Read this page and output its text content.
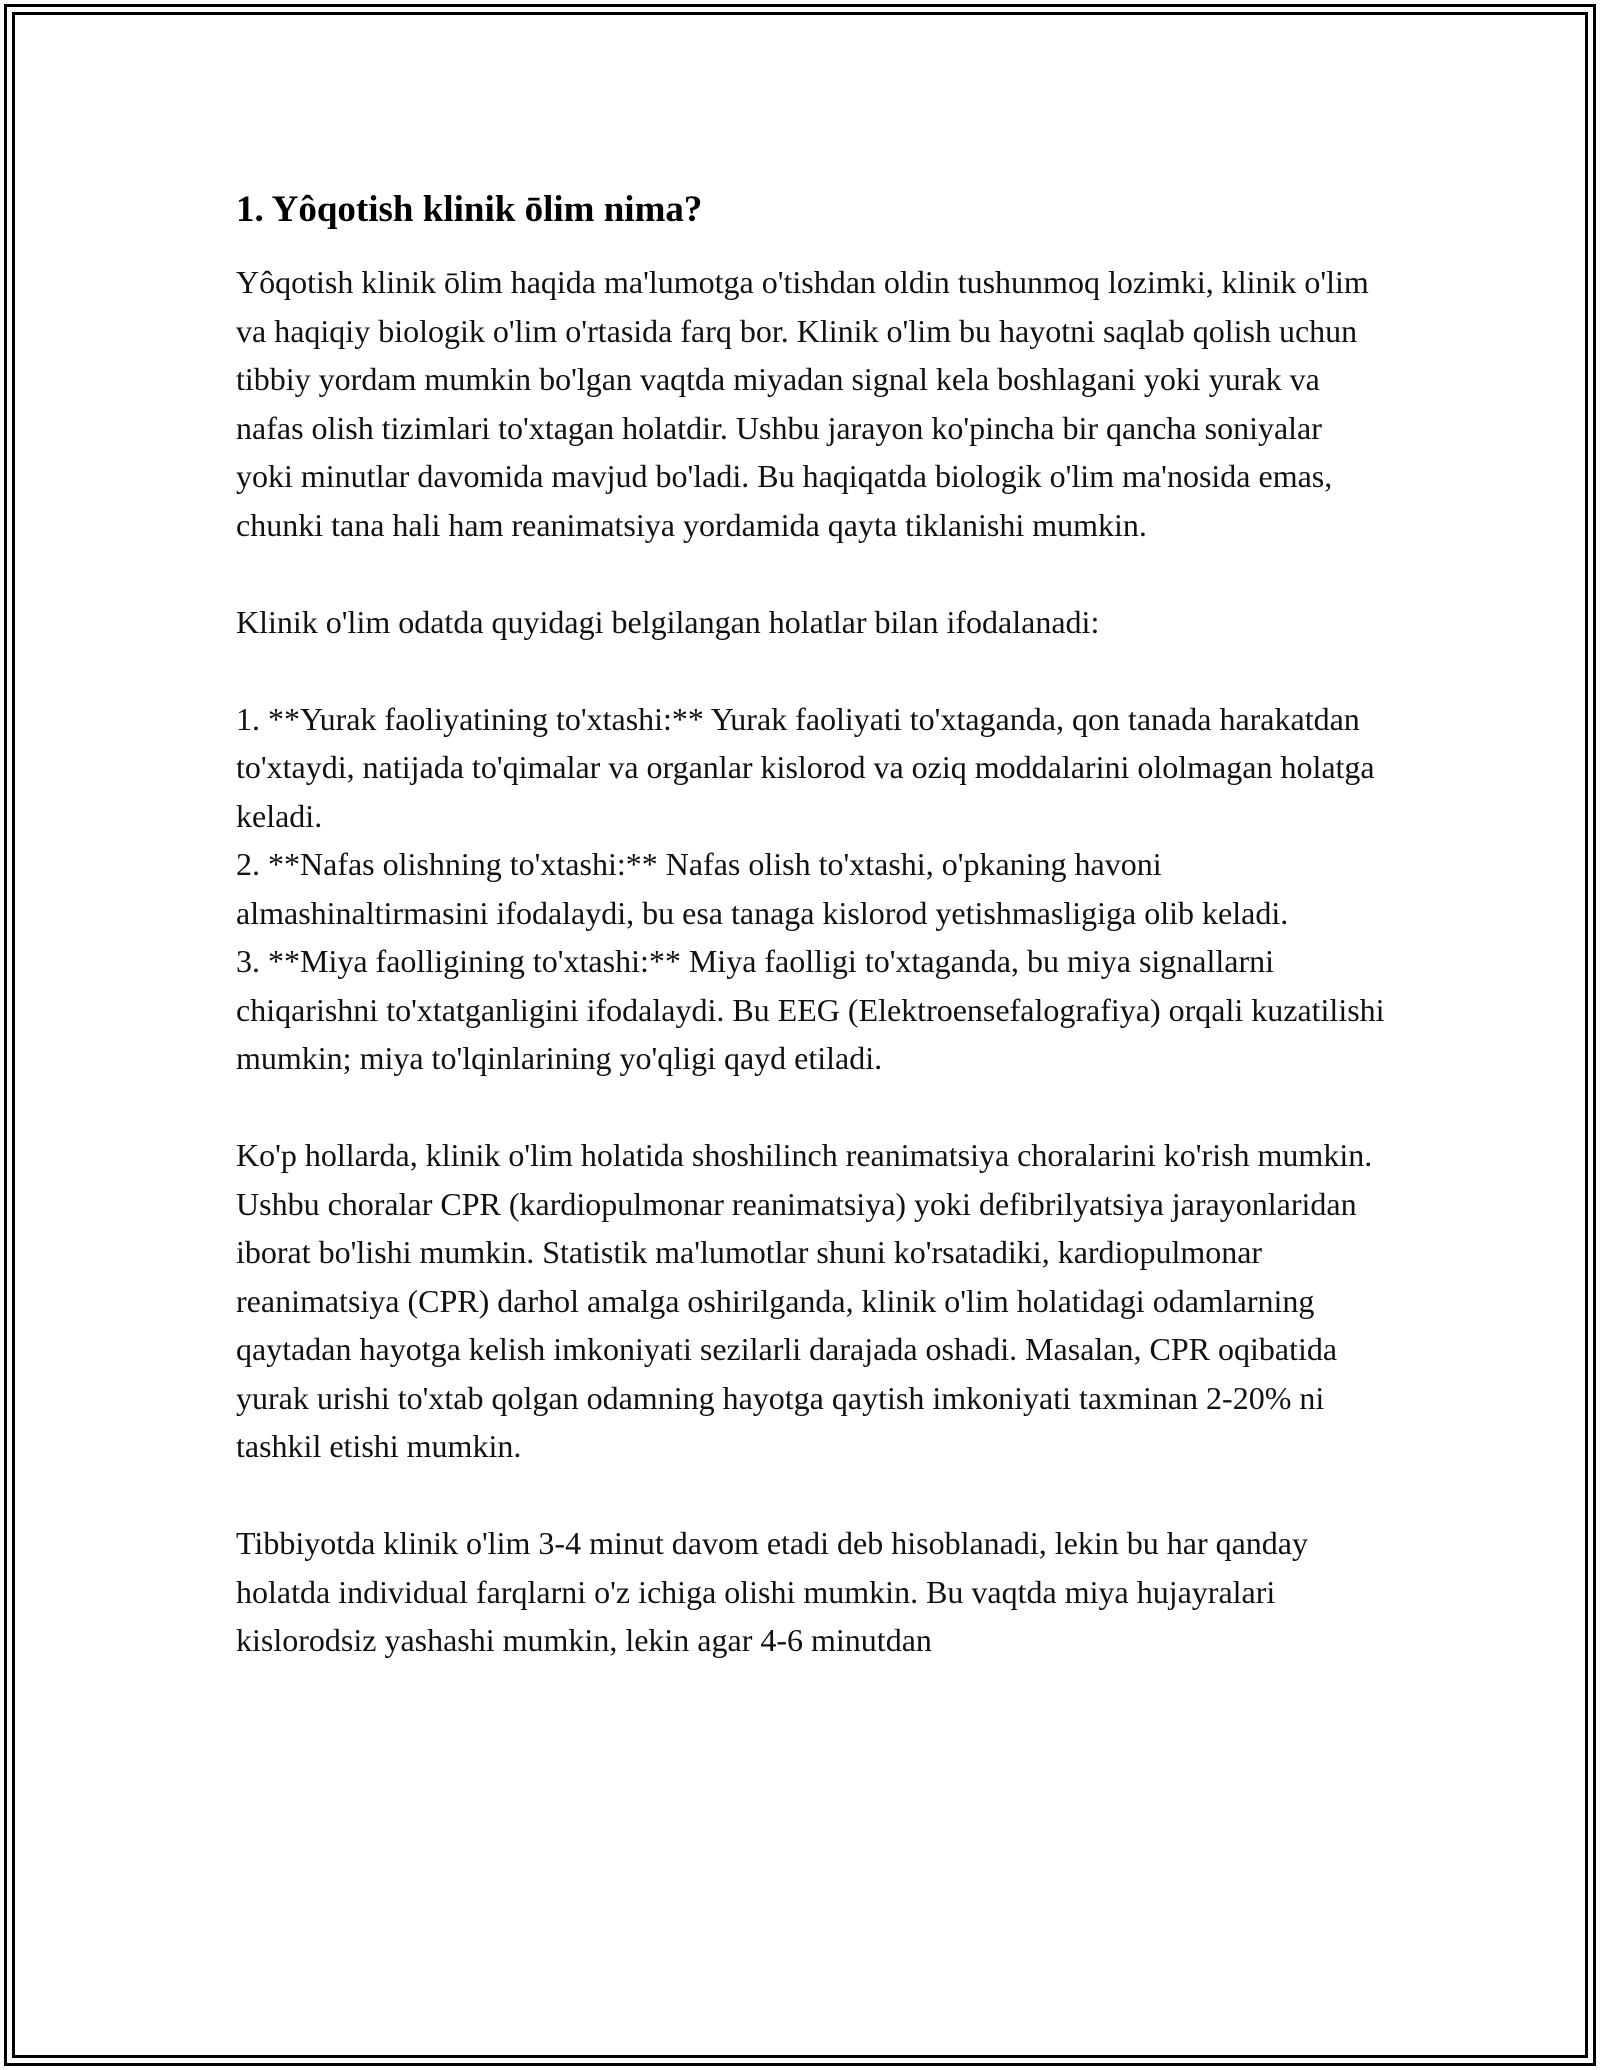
1. Yôqotish klinik ōlim nima?

Yôqotish klinik ōlim haqida ma'lumotga o'tishdan oldin tushunmoq lozimki, klinik o'lim va haqiqiy biologik o'lim o'rtasida farq bor. Klinik o'lim bu hayotni saqlab qolish uchun tibbiy yordam mumkin bo'lgan vaqtda miyadan signal kela boshlagani yoki yurak va nafas olish tizimlari to'xtagan holatdir. Ushbu jarayon ko'pincha bir qancha soniyalar yoki minutlar davomida mavjud bo'ladi. Bu haqiqatda biologik o'lim ma'nosida emas, chunki tana hali ham reanimatsiya yordamida qayta tiklanishi mumkin.

Klinik o'lim odatda quyidagi belgilangan holatlar bilan ifodalanadi:

1. **Yurak faoliyatining to'xtashi:** Yurak faoliyati to'xtaganda, qon tanada harakatdan to'xtaydi, natijada to'qimalar va organlar kislorod va oziq moddalarini ololmagan holatga keladi.

2. **Nafas olishning to'xtashi:** Nafas olish to'xtashi, o'pkaning havoni almashinaltirmasini ifodalaydi, bu esa tanaga kislorod yetishmasligiga olib keladi.

3. **Miya faolligining to'xtashi:** Miya faolligi to'xtaganda, bu miya signallarni chiqarishni to'xtatganligini ifodalaydi. Bu EEG (Elektroensefalografiya) orqali kuzatilishi mumkin; miya to'lqinlarining yo'qligi qayd etiladi.

Ko'p hollarda, klinik o'lim holatida shoshilinch reanimatsiya choralarini ko'rish mumkin. Ushbu choralar CPR (kardiopulmonar reanimatsiya) yoki defibrilyatsiya jarayonlaridan iborat bo'lishi mumkin. Statistik ma'lumotlar shuni ko'rsatadiki, kardiopulmonar reanimatsiya (CPR) darhol amalga oshirilganda, klinik o'lim holatidagi odamlarning qaytadan hayotga kelish imkoniyati sezilarli darajada oshadi. Masalan, CPR oqibatida yurak urishi to'xtab qolgan odamning hayotga qaytish imkoniyati taxminan 2-20% ni tashkil etishi mumkin.

Tibbiyotda klinik o'lim 3-4 minut davom etadi deb hisoblanadi, lekin bu har qanday holatda individual farqlarni o'z ichiga olishi mumkin. Bu vaqtda miya hujayralari kislorodsiz yashashi mumkin, lekin agar 4-6 minutdan
